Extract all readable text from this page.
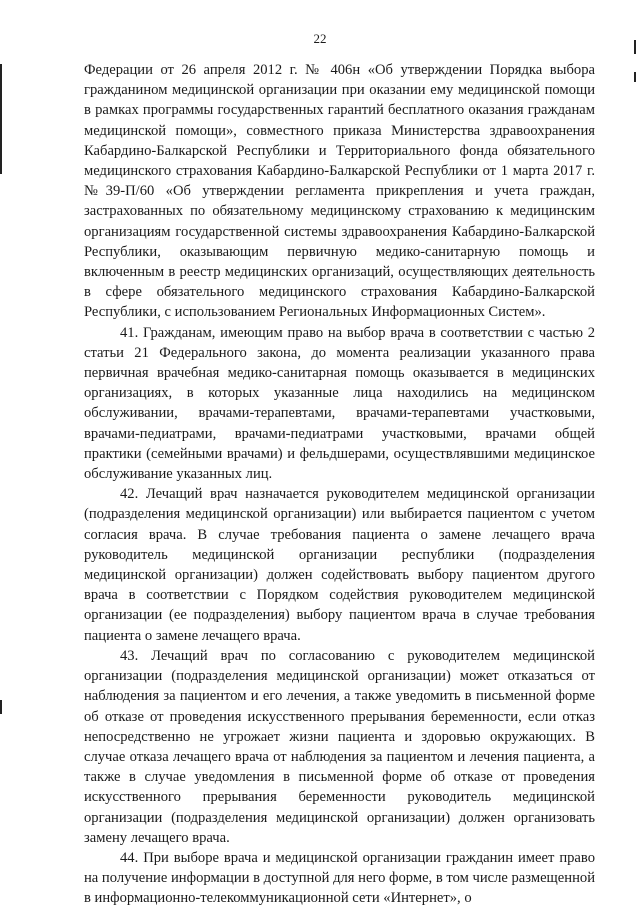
22

Федерации от 26 апреля 2012 г. № 406н «Об утверждении Порядка выбора гражданином медицинской организации при оказании ему медицинской помощи в рамках программы государственных гарантий бесплатного оказания гражданам медицинской помощи», совместного приказа Министерства здравоохранения Кабардино-Балкарской Республики и Территориального фонда обязательного медицинского страхования Кабардино-Балкарской Республики от 1 марта 2017 г. №39-П/60 «Об утверждении регламента прикрепления и учета граждан, застрахованных по обязательному медицинскому страхованию к медицинским организациям государственной системы здравоохранения Кабардино-Балкарской Республики, оказывающим первичную медико-санитарную помощь и включенным в реестр медицинских организаций, осуществляющих деятельность в сфере обязательного медицинского страхования Кабардино-Балкарской Республики, с использованием Региональных Информационных Систем».

41. Гражданам, имеющим право на выбор врача в соответствии с частью 2 статьи 21 Федерального закона, до момента реализации указанного права первичная врачебная медико-санитарная помощь оказывается в медицинских организациях, в которых указанные лица находились на медицинском обслуживании, врачами-терапевтами, врачами-терапевтами участковыми, врачами-педиатрами, врачами-педиатрами участковыми, врачами общей практики (семейными врачами) и фельдшерами, осуществлявшими медицинское обслуживание указанных лиц.

42. Лечащий врач назначается руководителем медицинской организации (подразделения медицинской организации) или выбирается пациентом с учетом согласия врача. В случае требования пациента о замене лечащего врача руководитель медицинской организации республики (подразделения медицинской организации) должен содействовать выбору пациентом другого врача в соответствии с Порядком содействия руководителем медицинской организации (ее подразделения) выбору пациентом врача в случае требования пациента о замене лечащего врача.

43. Лечащий врач по согласованию с руководителем медицинской организации (подразделения медицинской организации) может отказаться от наблюдения за пациентом и его лечения, а также уведомить в письменной форме об отказе от проведения искусственного прерывания беременности, если отказ непосредственно не угрожает жизни пациента и здоровью окружающих. В случае отказа лечащего врача от наблюдения за пациентом и лечения пациента, а также в случае уведомления в письменной форме об отказе от проведения искусственного прерывания беременности руководитель медицинской организации (подразделения медицинской организации) должен организовать замену лечащего врача.

44. При выборе врача и медицинской организации гражданин имеет право на получение информации в доступной для него форме, в том числе размещенной в информационно-телекоммуникационной сети «Интернет», о
